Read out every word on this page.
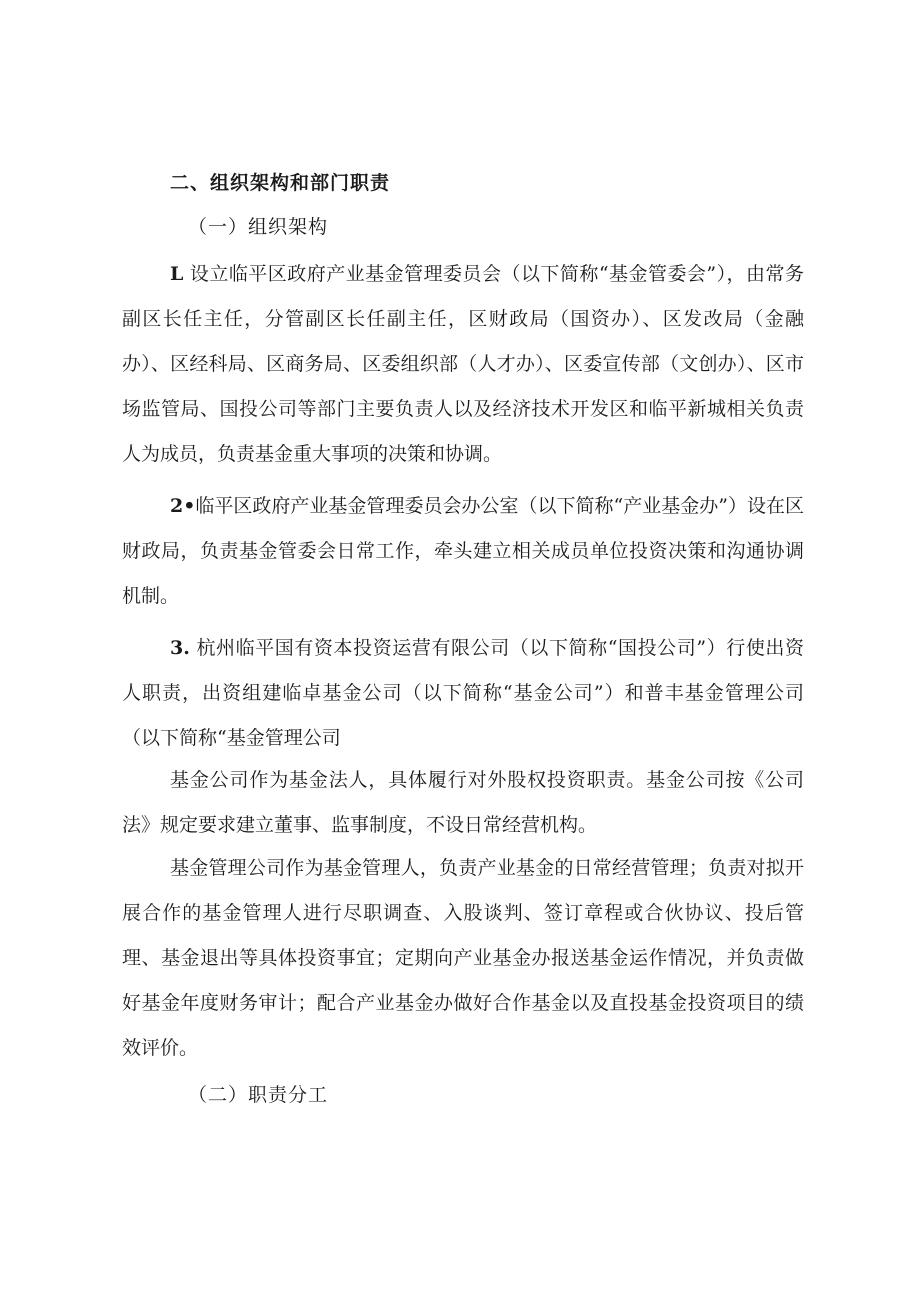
二、组织架构和部门职责

（一）组织架构

L 设立临平区政府产业基金管理委员会（以下简称“基金管委会”），由常务副区长任主任，分管副区长任副主任，区财政局（国资办）、区发改局（金融办）、区经科局、区商务局、区委组织部（人才办）、区委宣传部（文创办）、区市场监管局、国投公司等部门主要负责人以及经济技术开发区和临平新城相关负责人为成员，负责基金重大事项的决策和协调。

2•临平区政府产业基金管理委员会办公室（以下简称“产业基金办”）设在区财政局，负责基金管委会日常工作，牵头建立相关成员单位投资决策和沟通协调机制。

3. 杭州临平国有资本投资运营有限公司（以下简称“国投公司”）行使出资人职责，出资组建临卓基金公司（以下简称“基金公司”）和普丰基金管理公司（以下简称“基金管理公司

基金公司作为基金法人，具体履行对外股权投资职责。基金公司按《公司法》规定要求建立董事、监事制度，不设日常经营机构。

基金管理公司作为基金管理人，负责产业基金的日常经营管理；负责对拟开展合作的基金管理人进行尽职调查、入股谈判、签订章程或合伙协议、投后管理、基金退出等具体投资事宜；定期向产业基金办报送基金运作情况，并负责做好基金年度财务审计；配合产业基金办做好合作基金以及直投基金投资项目的绩效评价。

（二）职责分工
